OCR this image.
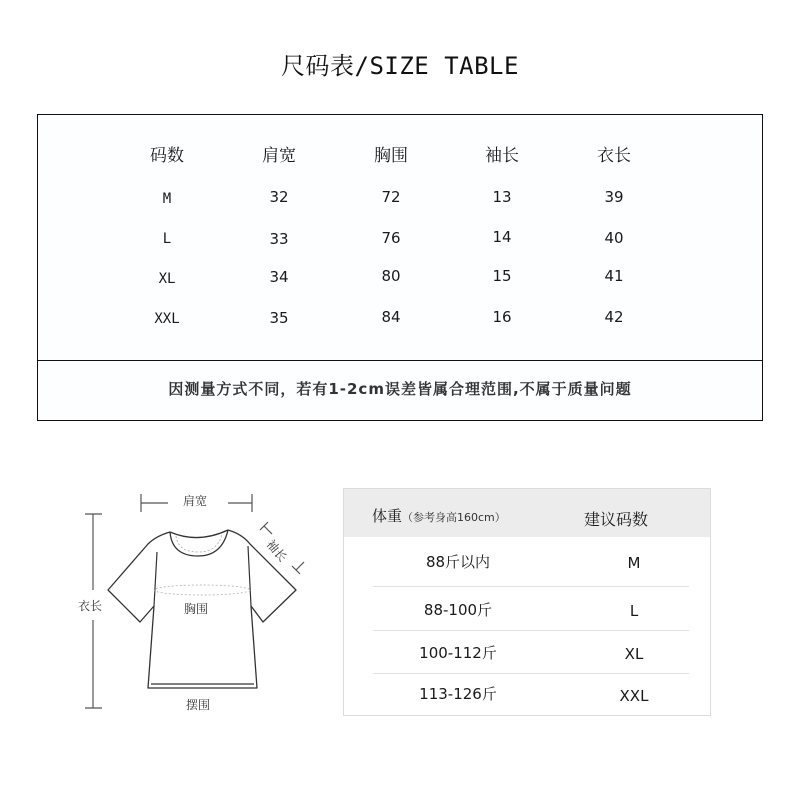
尺码表/SIZE TABLE
码数	肩宽	胸围	袖长	衣长
M	32	72	13	39
L	33	76	14	40
XL	34	80	15	41
XXL	35	84	16	42
因测量方式不同，若有1-2cm误差皆属合理范围,不属于质量问题
肩宽
袖长
衣长	胸围
摆围
体重（参考身高160cm）	建议码数
88斤以内	M
88-100斤	L
100-112斤	XL
113-126斤	XXL
